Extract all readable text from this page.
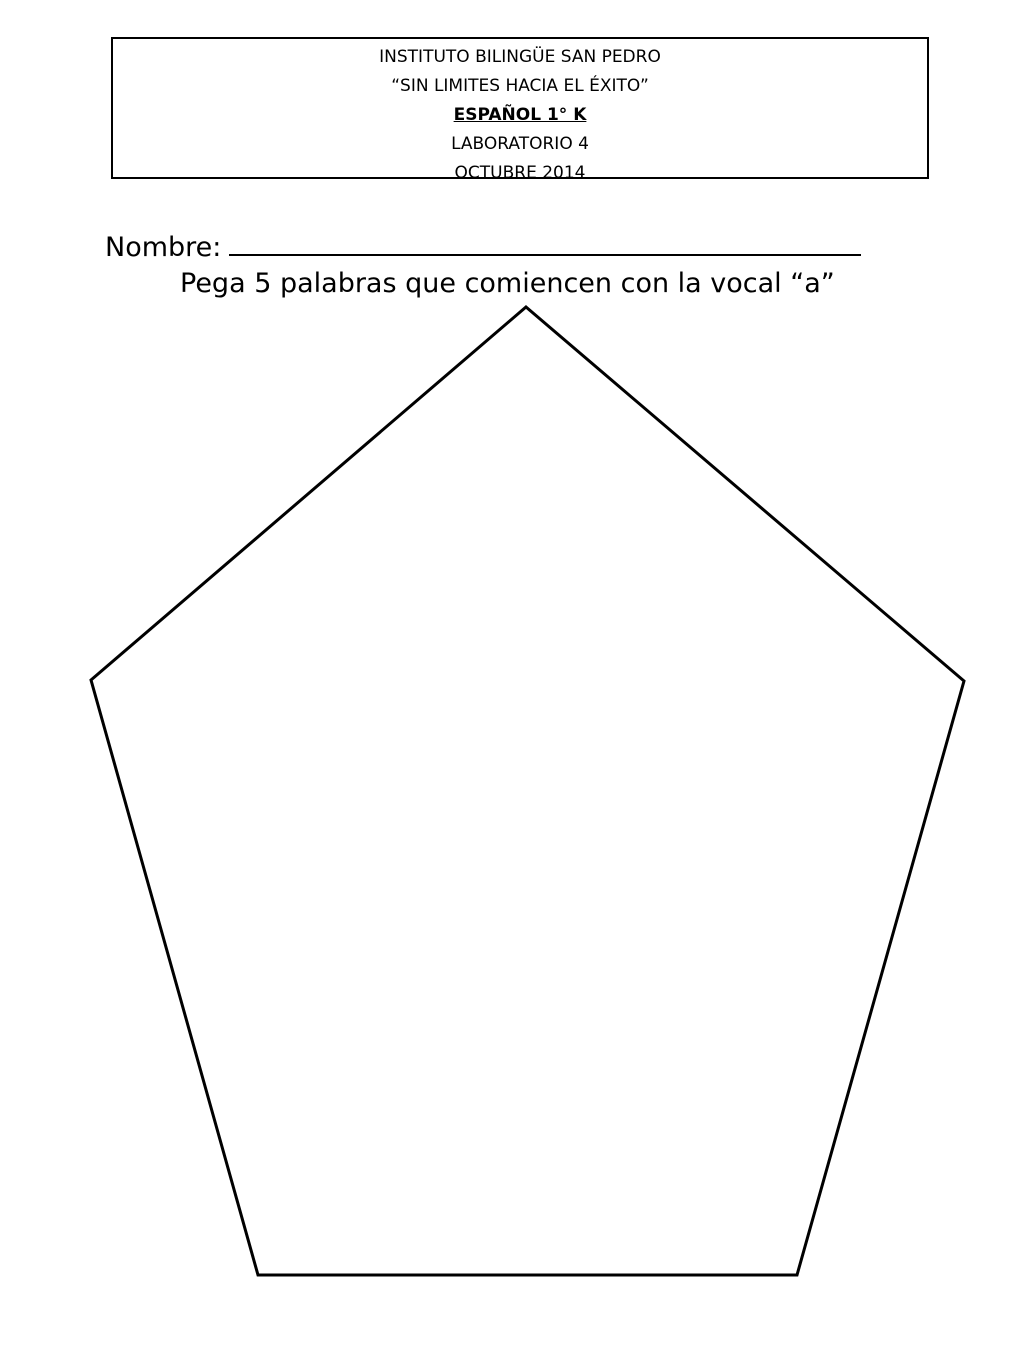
INSTITUTO BILINGÜE SAN PEDRO
“SIN LIMITES HACIA EL ÉXITO”
ESPAÑOL 1° K
LABORATORIO 4
OCTUBRE 2014
Nombre:
Pega 5 palabras que comiencen con la vocal “a”
